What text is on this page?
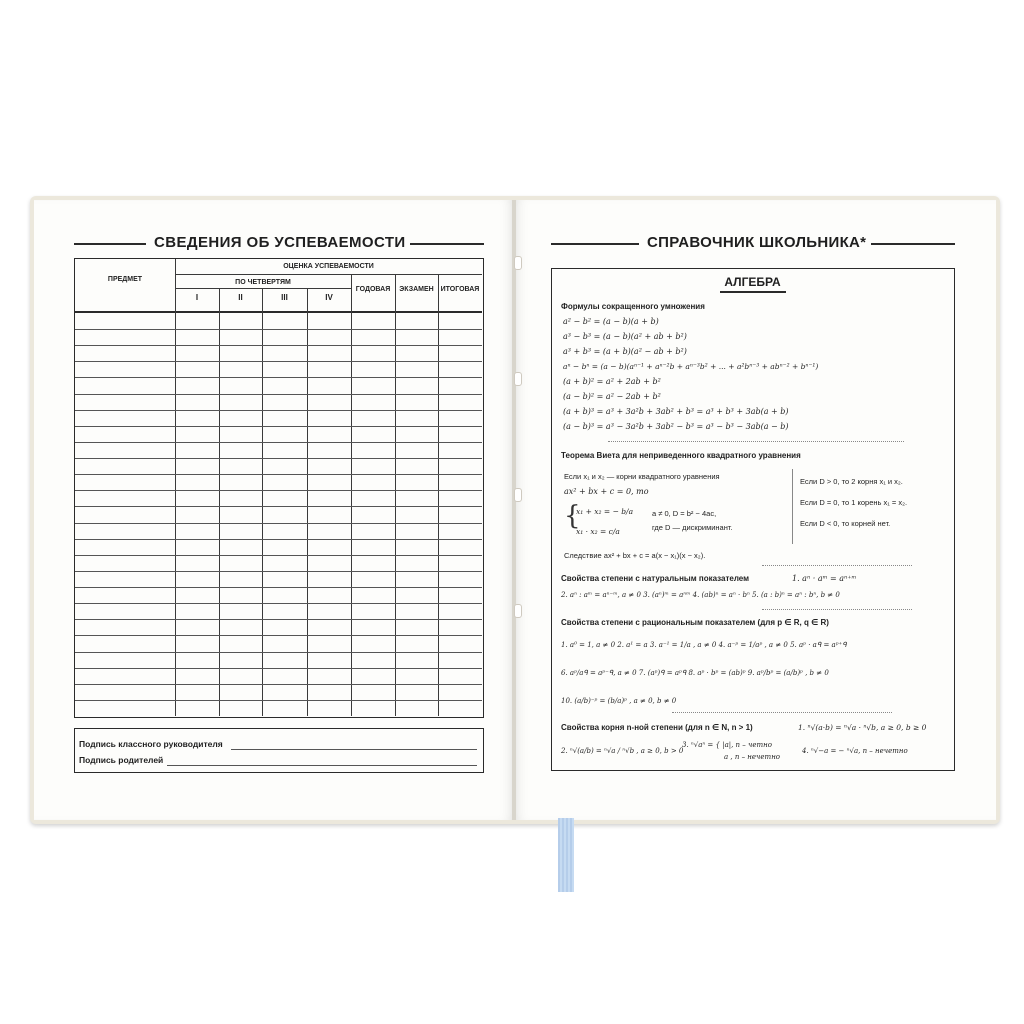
СВЕДЕНИЯ ОБ УСПЕВАЕМОСТИ
ПРЕДМЕТ
ОЦЕНКА УСПЕВАЕМОСТИ
ПО ЧЕТВЕРТЯМ
I	II	III	IV
ГОДОВАЯ	ЭКЗАМЕН ИТОГОВАЯ
Подпись классного руководителя
Подпись родителей
СПРАВОЧНИК ШКОЛЬНИКА*
АЛГЕБРА
Формулы сокращенного умножения
a² − b² = (a − b)(a + b)
a³ − b³ = (a − b)(a² + ab + b²)
a³ + b³ = (a + b)(a² − ab + b²)
aⁿ − bⁿ = (a − b)(aⁿ⁻¹ + aⁿ⁻²b + aⁿ⁻³b² + ... + a²bⁿ⁻³ + abⁿ⁻² + bⁿ⁻¹)
(a + b)² = a² + 2ab + b²
(a − b)² = a² − 2ab + b²
(a + b)³ = a³ + 3a²b + 3ab² + b³ = a³ + b³ + 3ab(a + b)
(a − b)³ = a³ − 3a²b + 3ab² − b³ = a³ − b³ − 3ab(a − b)
Теорема Виета для неприведенного квадратного уравнения
Если x₁ и x₂ — корни квадратного уравнения
ax² + bx + c = 0, то
{
x₁ + x₂ = − b/a
x₁ · x₂ = c/a
a ≠ 0, D = b² − 4ac,
где D — дискриминант.
Следствие ax² + bx + c = a(x − x₁)(x − x₂).
Если D > 0, то 2 корня x₁ и x₂.
Если D = 0, то 1 корень x₁ = x₂.
Если D < 0, то корней нет.
Свойства степени с натуральным показателем	1. aⁿ · aᵐ = aⁿ⁺ᵐ
2. aⁿ : aᵐ = aⁿ⁻ᵐ, a ≠ 0 3. (aⁿ)ᵐ = aⁿᵐ 4. (ab)ⁿ = aⁿ · bⁿ 5. (a : b)ⁿ = aⁿ : bⁿ, b ≠ 0
Свойства степени с рациональным показателем (для p ∈ R, q ∈ R)
1. a⁰ = 1, a ≠ 0 2. a¹ = a 3. a⁻¹ = 1/a , a ≠ 0 4. a⁻ᵖ = 1/aᵖ , a ≠ 0 5. aᵖ · aᑫ = aᵖ⁺ᑫ
6. aᵖ/aᑫ = aᵖ⁻ᑫ, a ≠ 0 7. (aᵖ)ᑫ = aᵖᑫ 8. aᵖ · bᵖ = (ab)ᵖ 9. aᵖ/bᵖ = (a/b)ᵖ , b ≠ 0
10. (a/b)⁻ᵖ = (b/a)ᵖ , a ≠ 0, b ≠ 0
Свойства корня n-ной степени (для n ∈ N, n > 1)	1. ⁿ√(a·b) = ⁿ√a · ⁿ√b, a ≥ 0, b ≥ 0
2. ⁿ√(a/b) = ⁿ√a / ⁿ√b , a ≥ 0, b > 0
3. ⁿ√aⁿ = { |a|, n – четно
a , n – нечетно
4. ⁿ√−a = − ⁿ√a, n – нечетно
